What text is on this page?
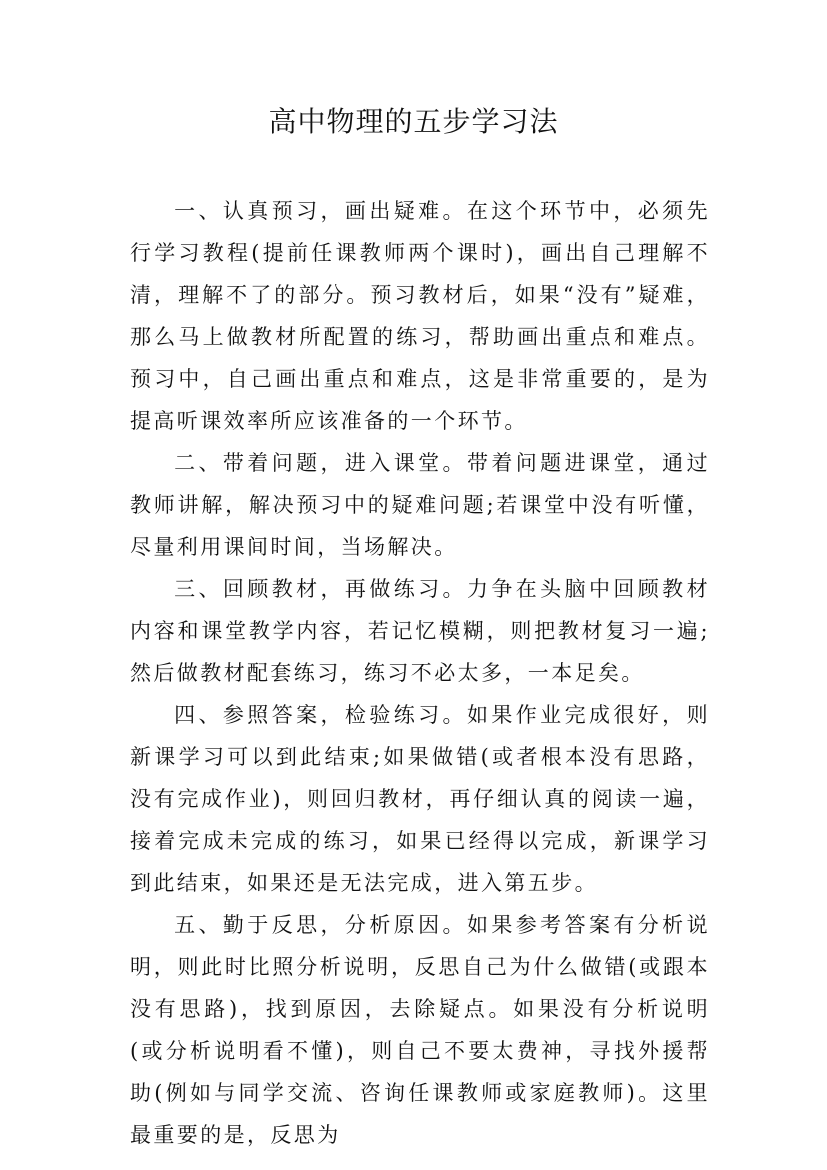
高中物理的五步学习法

一、认真预习，画出疑难。在这个环节中，必须先行学习教程(提前任课教师两个课时)，画出自己理解不清，理解不了的部分。预习教材后，如果“没有”疑难，那么马上做教材所配置的练习，帮助画出重点和难点。预习中，自己画出重点和难点，这是非常重要的，是为提高听课效率所应该准备的一个环节。

二、带着问题，进入课堂。带着问题进课堂，通过教师讲解，解决预习中的疑难问题;若课堂中没有听懂，尽量利用课间时间，当场解决。

三、回顾教材，再做练习。力争在头脑中回顾教材内容和课堂教学内容，若记忆模糊，则把教材复习一遍;然后做教材配套练习，练习不必太多，一本足矣。

四、参照答案，检验练习。如果作业完成很好，则新课学习可以到此结束;如果做错(或者根本没有思路，没有完成作业)，则回归教材，再仔细认真的阅读一遍，接着完成未完成的练习，如果已经得以完成，新课学习到此结束，如果还是无法完成，进入第五步。

五、勤于反思，分析原因。如果参考答案有分析说明，则此时比照分析说明，反思自己为什么做错(或跟本没有思路)，找到原因，去除疑点。如果没有分析说明(或分析说明看不懂)，则自己不要太费神，寻找外援帮助(例如与同学交流、咨询任课教师或家庭教师)。这里最重要的是，反思为
